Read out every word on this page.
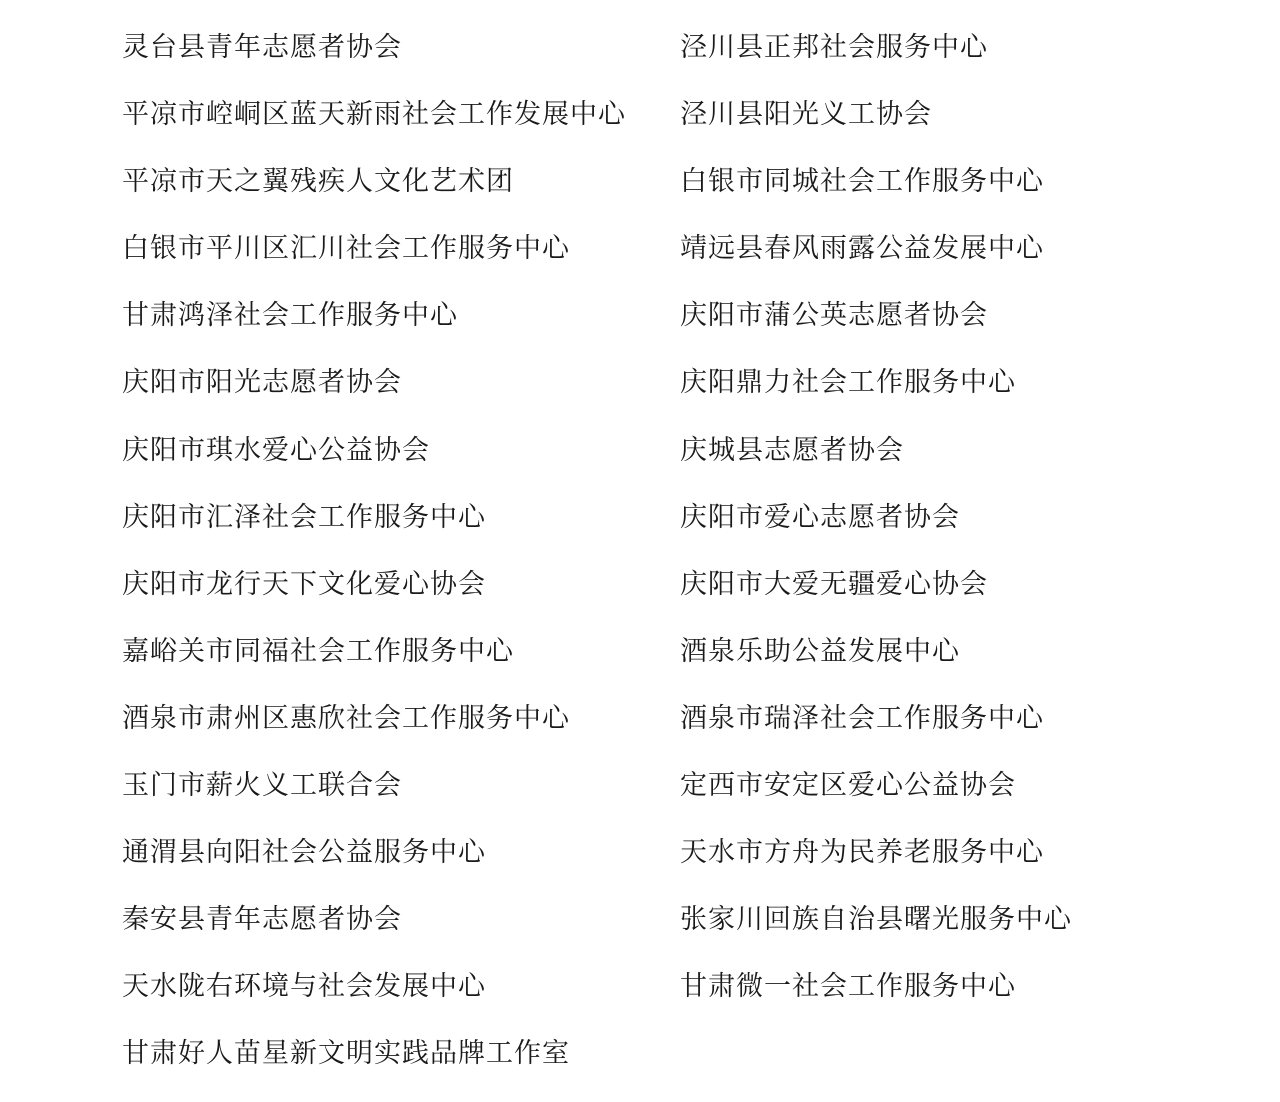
灵台县青年志愿者协会
平凉市崆峒区蓝天新雨社会工作发展中心
平凉市天之翼残疾人文化艺术团
白银市平川区汇川社会工作服务中心
甘肃鸿泽社会工作服务中心
庆阳市阳光志愿者协会
庆阳市琪水爱心公益协会
庆阳市汇泽社会工作服务中心
庆阳市龙行天下文化爱心协会
嘉峪关市同福社会工作服务中心
酒泉市肃州区惠欣社会工作服务中心
玉门市薪火义工联合会
通渭县向阳社会公益服务中心
秦安县青年志愿者协会
天水陇右环境与社会发展中心
甘肃好人苗星新文明实践品牌工作室
泾川县正邦社会服务中心
泾川县阳光义工协会
白银市同城社会工作服务中心
靖远县春风雨露公益发展中心
庆阳市蒲公英志愿者协会
庆阳鼎力社会工作服务中心
庆城县志愿者协会
庆阳市爱心志愿者协会
庆阳市大爱无疆爱心协会
酒泉乐助公益发展中心
酒泉市瑞泽社会工作服务中心
定西市安定区爱心公益协会
天水市方舟为民养老服务中心
张家川回族自治县曙光服务中心
甘肃微一社会工作服务中心
